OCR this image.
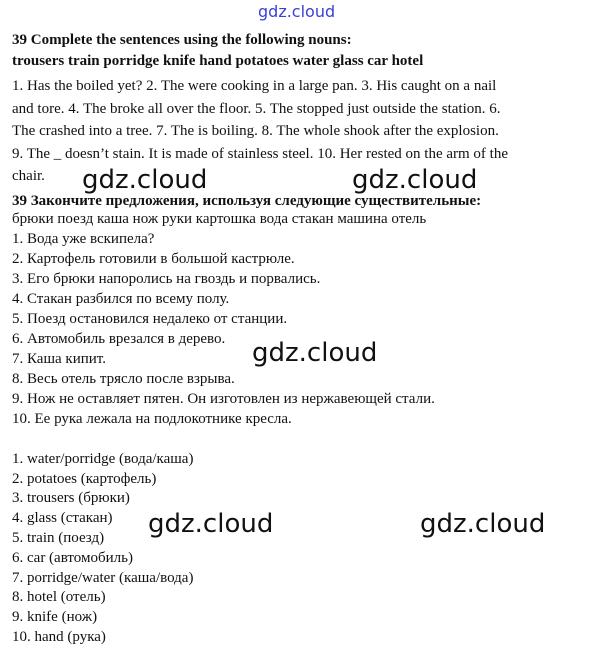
gdz.cloud
39 Complete the sentences using the following nouns:
trousers train porridge knife hand potatoes water glass car hotel
1. Has the boiled yet? 2. The were cooking in a large pan. 3. His caught on a nail
and tore. 4. The broke all over the floor. 5. The stopped just outside the station. 6.
The crashed into a tree. 7. The is boiling. 8. The whole shook after the explosion.
9. The _ doesn’t stain. It is made of stainless steel. 10. Her rested on the arm of the
chair.
39 Закончите предложения, используя следующие существительные:
брюки поезд каша нож руки картошка вода стакан машина отель
1. Вода уже вскипела?
2. Картофель готовили в большой кастрюле.
3. Его брюки напоролись на гвоздь и порвались.
4. Стакан разбился по всему полу.
5. Поезд остановился недалеко от станции.
6. Автомобиль врезался в дерево.
7. Каша кипит.
8. Весь отель трясло после взрыва.
9. Нож не оставляет пятен. Он изготовлен из нержавеющей стали.
10. Ее рука лежала на подлокотнике кресла.
1. water/porridge (вода/каша)
2. potatoes (картофель)
3. trousers (брюки)
4. glass (стакан)
5. train (поезд)
6. car (автомобиль)
7. porridge/water (каша/вода)
8. hotel (отель)
9. knife (нож)
10. hand (рука)
gdz.cloud	gdz.cloud
gdz.cloud
gdz.cloud	gdz.cloud
